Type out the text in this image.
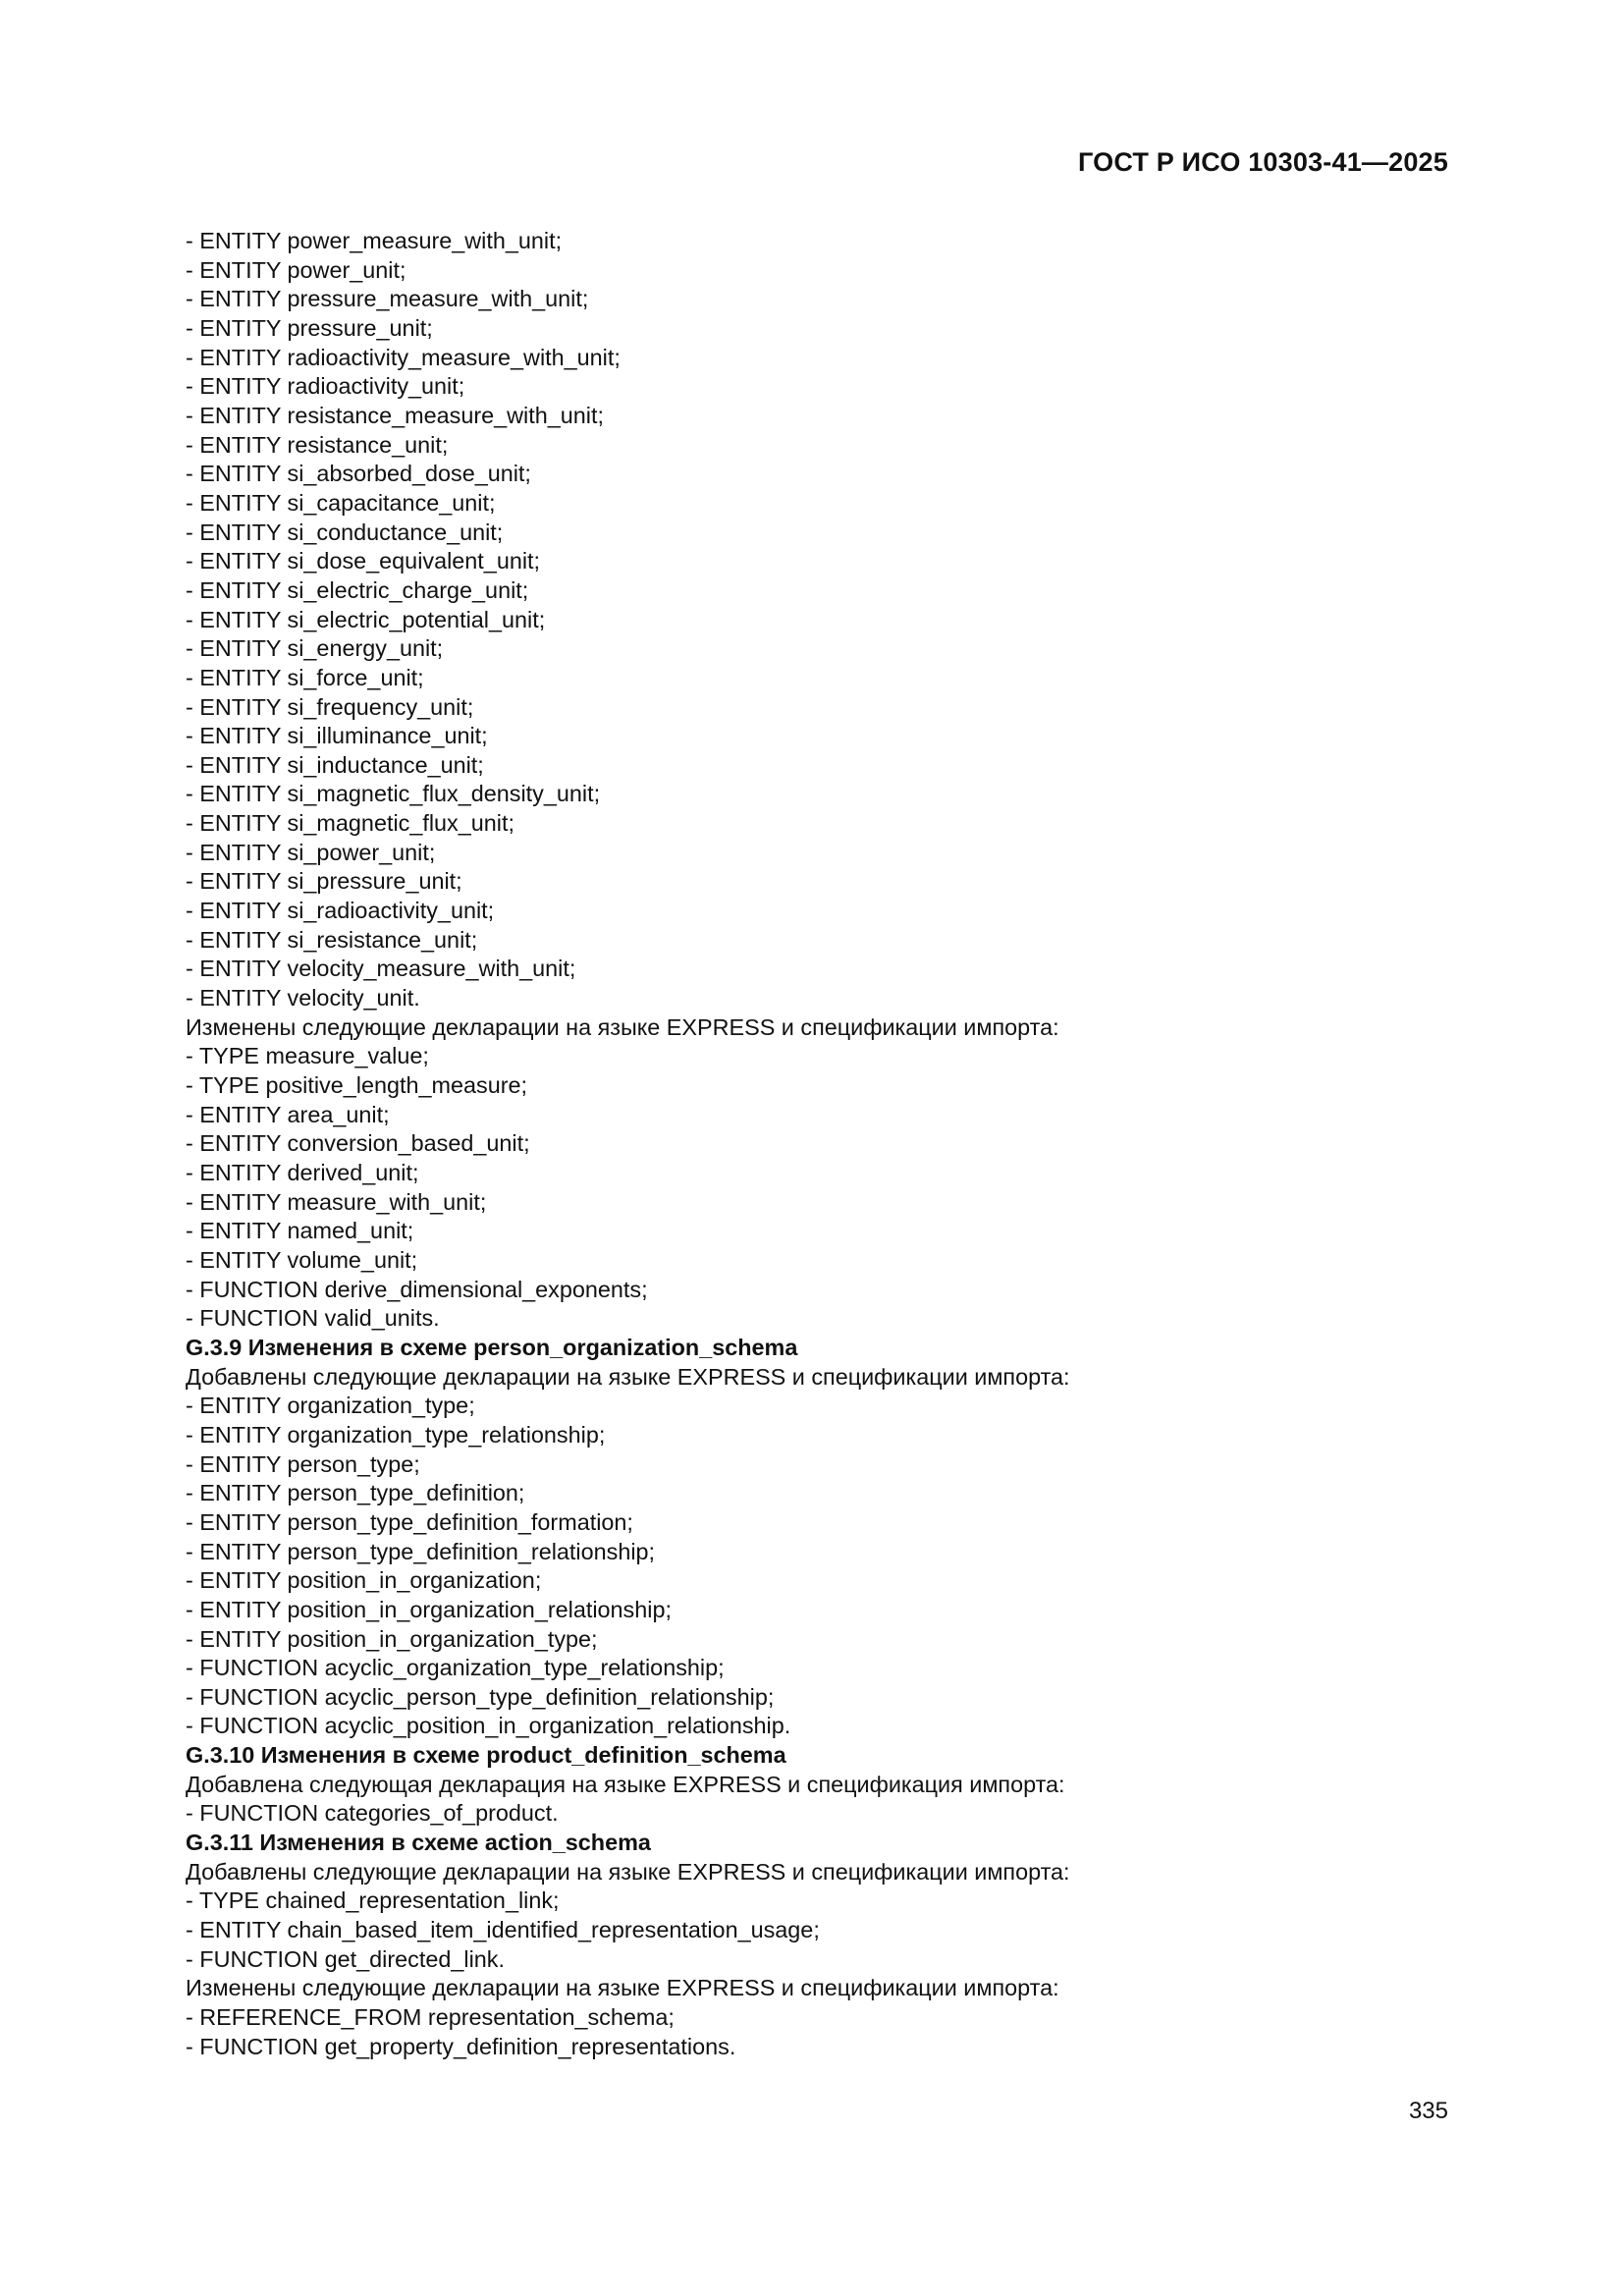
ГОСТ Р ИСО 10303-41—2025
- ENTITY power_measure_with_unit;
- ENTITY power_unit;
- ENTITY pressure_measure_with_unit;
- ENTITY pressure_unit;
- ENTITY radioactivity_measure_with_unit;
- ENTITY radioactivity_unit;
- ENTITY resistance_measure_with_unit;
- ENTITY resistance_unit;
- ENTITY si_absorbed_dose_unit;
- ENTITY si_capacitance_unit;
- ENTITY si_conductance_unit;
- ENTITY si_dose_equivalent_unit;
- ENTITY si_electric_charge_unit;
- ENTITY si_electric_potential_unit;
- ENTITY si_energy_unit;
- ENTITY si_force_unit;
- ENTITY si_frequency_unit;
- ENTITY si_illuminance_unit;
- ENTITY si_inductance_unit;
- ENTITY si_magnetic_flux_density_unit;
- ENTITY si_magnetic_flux_unit;
- ENTITY si_power_unit;
- ENTITY si_pressure_unit;
- ENTITY si_radioactivity_unit;
- ENTITY si_resistance_unit;
- ENTITY velocity_measure_with_unit;
- ENTITY velocity_unit.
Изменены следующие декларации на языке EXPRESS и спецификации импорта:
- TYPE measure_value;
- TYPE positive_length_measure;
- ENTITY area_unit;
- ENTITY conversion_based_unit;
- ENTITY derived_unit;
- ENTITY measure_with_unit;
- ENTITY named_unit;
- ENTITY volume_unit;
- FUNCTION derive_dimensional_exponents;
- FUNCTION valid_units.
G.3.9 Изменения в схеме person_organization_schema
Добавлены следующие декларации на языке EXPRESS и спецификации импорта:
- ENTITY organization_type;
- ENTITY organization_type_relationship;
- ENTITY person_type;
- ENTITY person_type_definition;
- ENTITY person_type_definition_formation;
- ENTITY person_type_definition_relationship;
- ENTITY position_in_organization;
- ENTITY position_in_organization_relationship;
- ENTITY position_in_organization_type;
- FUNCTION acyclic_organization_type_relationship;
- FUNCTION acyclic_person_type_definition_relationship;
- FUNCTION acyclic_position_in_organization_relationship.
G.3.10 Изменения в схеме product_definition_schema
Добавлена следующая декларация на языке EXPRESS и спецификация импорта:
- FUNCTION categories_of_product.
G.3.11 Изменения в схеме action_schema
Добавлены следующие декларации на языке EXPRESS и спецификации импорта:
- TYPE chained_representation_link;
- ENTITY chain_based_item_identified_representation_usage;
- FUNCTION get_directed_link.
Изменены следующие декларации на языке EXPRESS и спецификации импорта:
- REFERENCE_FROM representation_schema;
- FUNCTION get_property_definition_representations.
335
